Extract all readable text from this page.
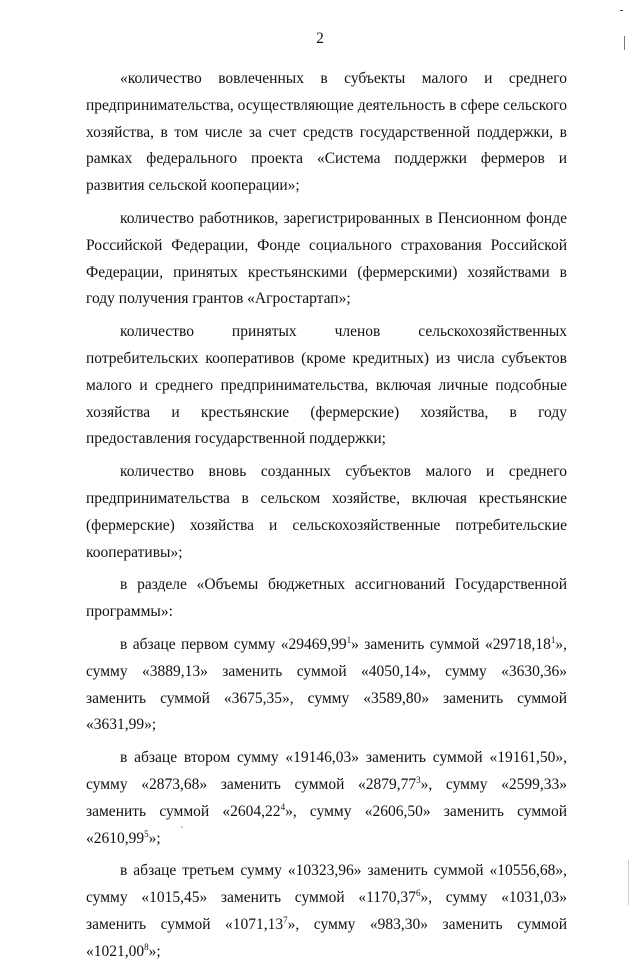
2

«количество вовлеченных в субъекты малого и среднего предпринимательства, осуществляющие деятельность в сфере сельского хозяйства, в том числе за счет средств государственной поддержки, в рамках федерального проекта «Система поддержки фермеров и развития сельской кооперации»;

количество работников, зарегистрированных в Пенсионном фонде Российской Федерации, Фонде социального страхования Российской Федерации, принятых крестьянскими (фермерскими) хозяйствами в году получения грантов «Агростартап»;

количество принятых членов сельскохозяйственных потребительских кооперативов (кроме кредитных) из числа субъектов малого и среднего предпринимательства, включая личные подсобные хозяйства и крестьянские (фермерские) хозяйства, в году предоставления государственной поддержки;

количество вновь созданных субъектов малого и среднего предпринимательства в сельском хозяйстве, включая крестьянские (фермерские) хозяйства и сельскохозяйственные потребительские кооперативы»;

в разделе «Объемы бюджетных ассигнований Государственной программы»:

в абзаце первом сумму «29469,99$^1$» заменить суммой «29718,18$^1$», сумму «3889,13» заменить суммой «4050,14», сумму «3630,36» заменить суммой «3675,35», сумму «3589,80» заменить суммой «3631,99»;

в абзаце втором сумму «19146,03» заменить суммой «19161,50», сумму «2873,68» заменить суммой «2879,77$^3$», сумму «2599,33» заменить суммой «2604,22$^4$», сумму «2606,50» заменить суммой «2610,99$^5$»;

в абзаце третьем сумму «10323,96» заменить суммой «10556,68», сумму «1015,45» заменить суммой «1170,37$^6$», сумму «1031,03» заменить суммой «1071,13$^7$», сумму «983,30» заменить суммой «1021,00$^8$»;
